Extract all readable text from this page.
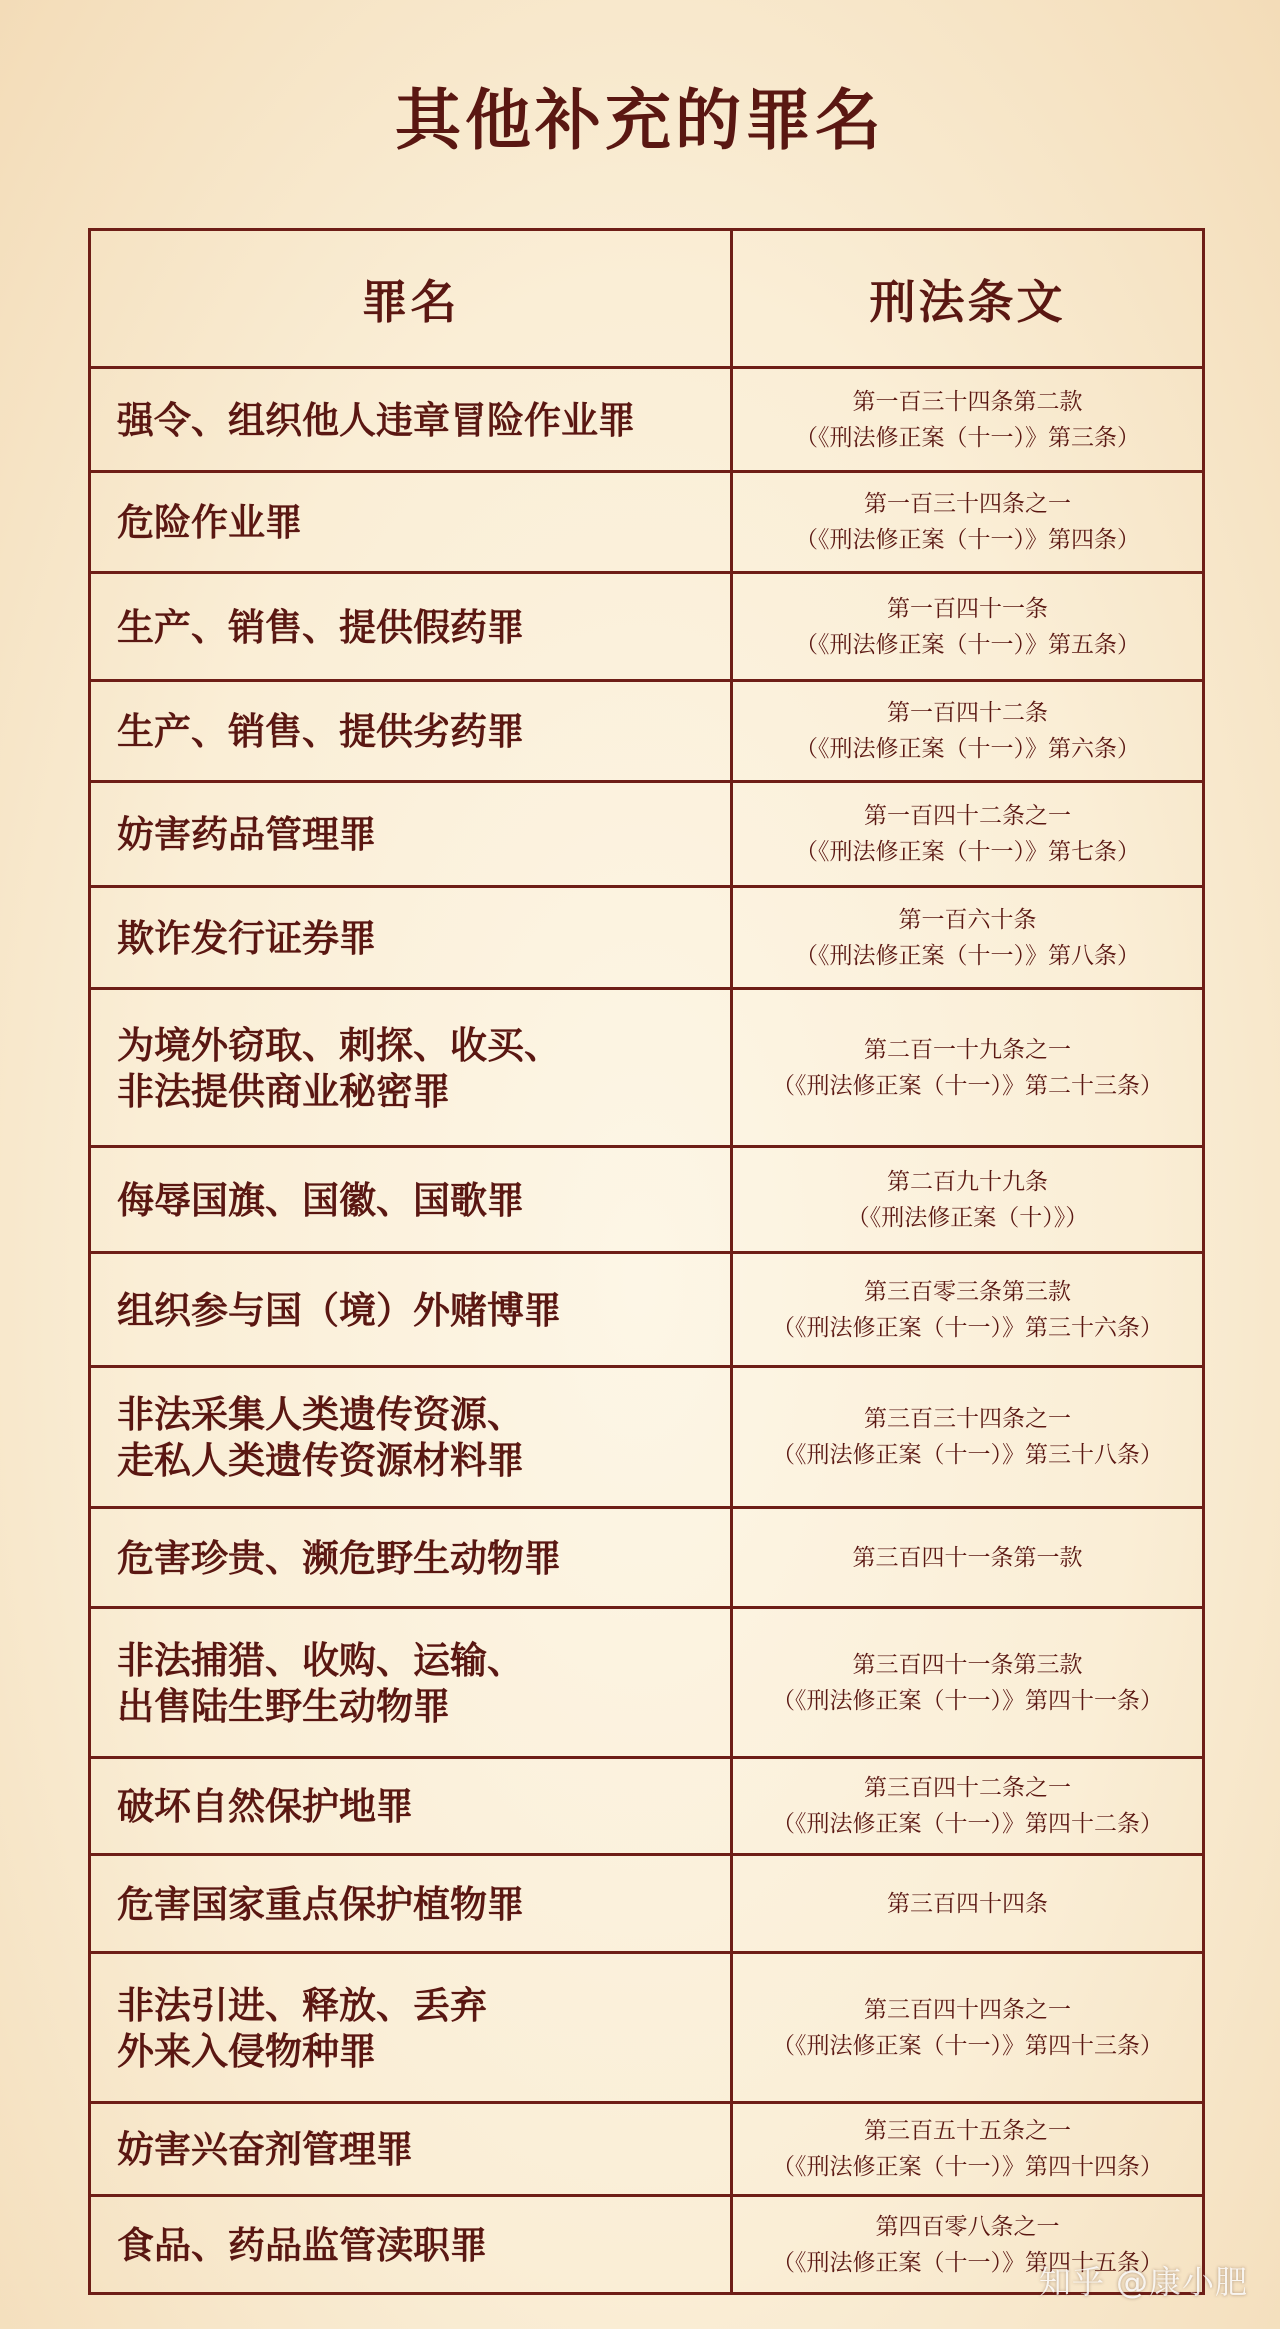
其他补充的罪名
罪名	刑法条文

强令、组织他人违章冒险作业罪	第一百三十四条第二款
（《刑法修正案（十一）》第三条）

危险作业罪	第一百三十四条之一
（《刑法修正案（十一）》第四条）

生产、销售、提供假药罪	第一百四十一条
（《刑法修正案（十一）》第五条）

生产、销售、提供劣药罪	第一百四十二条
（《刑法修正案（十一）》第六条）

妨害药品管理罪	第一百四十二条之一
（《刑法修正案（十一）》第七条）

欺诈发行证券罪	第一百六十条
（《刑法修正案（十一）》第八条）

为境外窃取、刺探、收买、
非法提供商业秘密罪	第二百一十九条之一
（《刑法修正案（十一）》第二十三条）

侮辱国旗、国徽、国歌罪	第二百九十九条
（《刑法修正案（十）》）

组织参与国（境）外赌博罪	第三百零三条第三款
（《刑法修正案（十一）》第三十六条）

非法采集人类遗传资源、
走私人类遗传资源材料罪	第三百三十四条之一
（《刑法修正案（十一）》第三十八条）

危害珍贵、濒危野生动物罪	第三百四十一条第一款

非法捕猎、收购、运输、
出售陆生野生动物罪	第三百四十一条第三款
（《刑法修正案（十一）》第四十一条）

破坏自然保护地罪	第三百四十二条之一
（《刑法修正案（十一）》第四十二条）

危害国家重点保护植物罪	第三百四十四条

非法引进、释放、丢弃
外来入侵物种罪	第三百四十四条之一
（《刑法修正案（十一）》第四十三条）

妨害兴奋剂管理罪	第三百五十五条之一
（《刑法修正案（十一）》第四十四条）

食品、药品监管渎职罪	第四百零八条之一
（《刑法修正案（十一）》第四十五条）
知乎 @康小肥
